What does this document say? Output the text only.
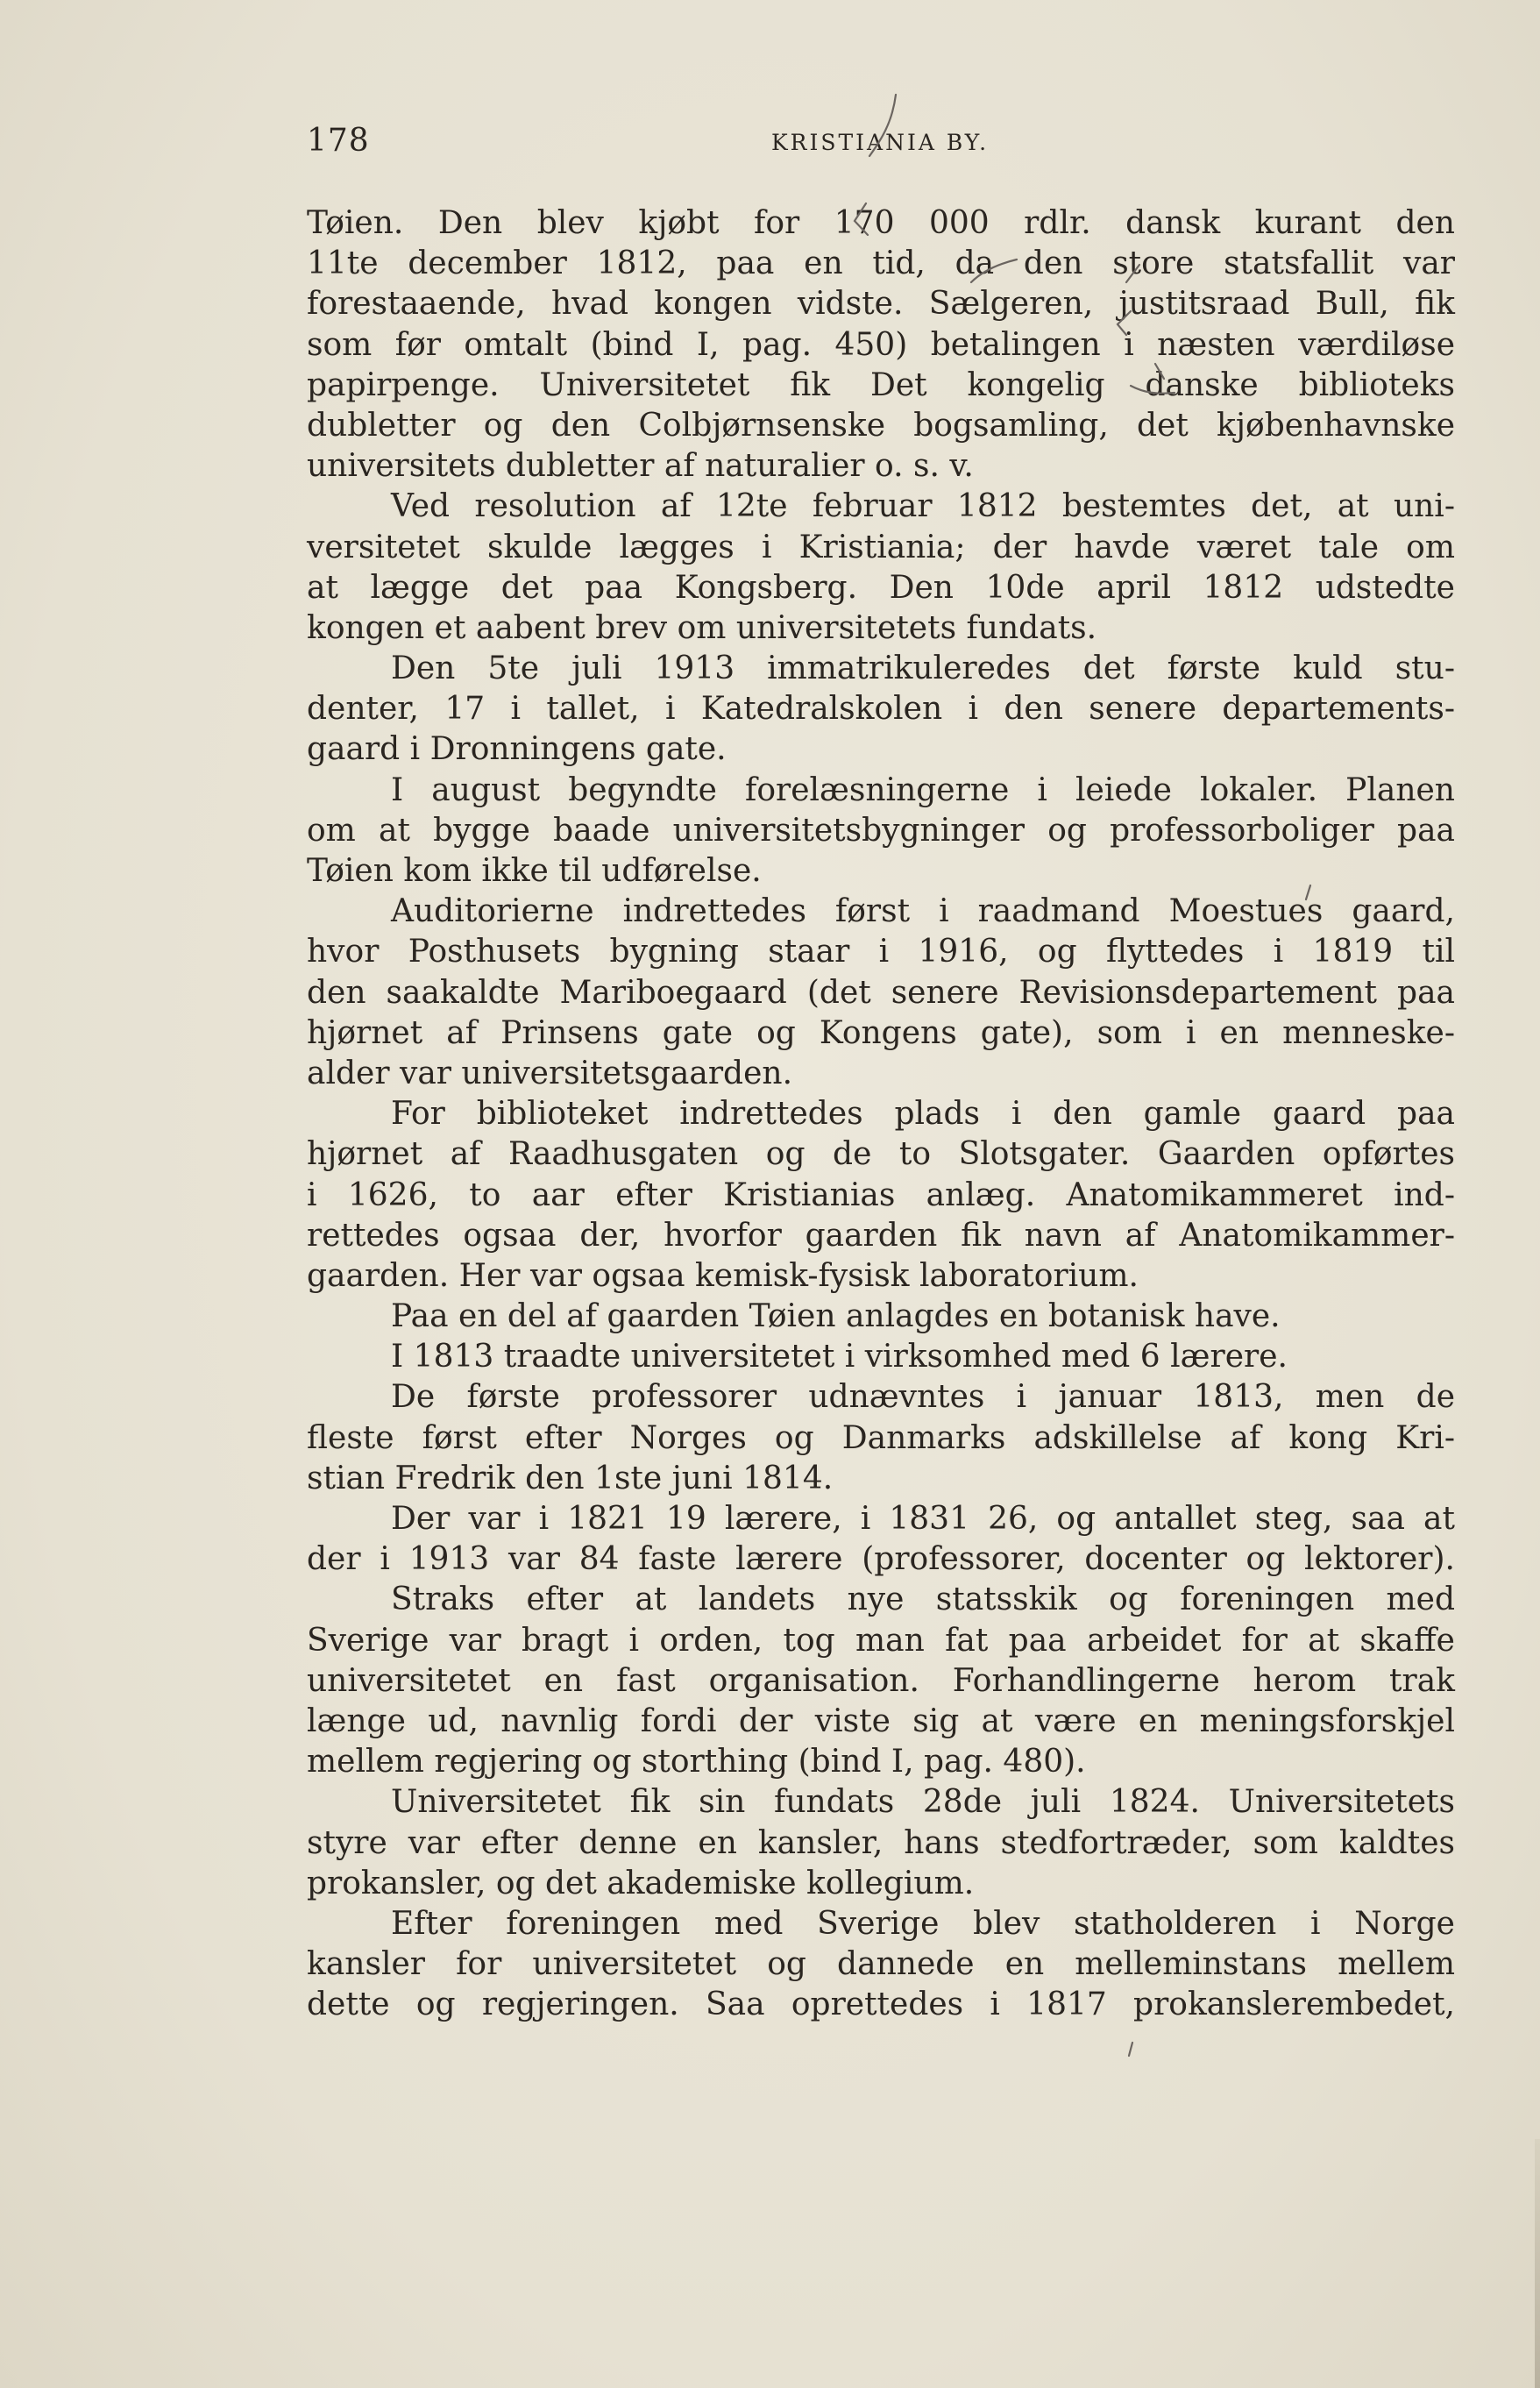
178	KRISTIANIA BY.
Tøien. Den blev kjøbt for 170 000 rdlr. dansk kurant den
11te december 1812, paa en tid, da den store statsfallit var
forestaaende, hvad kongen vidste. Sælgeren, justitsraad Bull, fik
som før omtalt (bind I, pag. 450) betalingen i næsten værdiløse
papirpenge. Universitetet fik Det kongelig danske biblioteks
dubletter og den Colbjørnsenske bogsamling, det kjøbenhavnske
universitets dubletter af naturalier o. s. v.
Ved resolution af 12te februar 1812 bestemtes det, at uni-
versitetet skulde lægges i Kristiania; der havde været tale om
at lægge det paa Kongsberg. Den 10de april 1812 udstedte
kongen et aabent brev om universitetets fundats.
Den 5te juli 1913 immatrikuleredes det første kuld stu-
denter, 17 i tallet, i Katedralskolen i den senere departements-
gaard i Dronningens gate.
I august begyndte forelæsningerne i leiede lokaler. Planen
om at bygge baade universitetsbygninger og professorboliger paa
Tøien kom ikke til udførelse.
Auditorierne indrettedes først i raadmand Moestues gaard,
hvor Posthusets bygning staar i 1916, og flyttedes i 1819 til
den saakaldte Mariboegaard (det senere Revisionsdepartement paa
hjørnet af Prinsens gate og Kongens gate), som i en menneske-
alder var universitetsgaarden.
For biblioteket indrettedes plads i den gamle gaard paa
hjørnet af Raadhusgaten og de to Slotsgater. Gaarden opførtes
i 1626, to aar efter Kristianias anlæg. Anatomikammeret ind-
rettedes ogsaa der, hvorfor gaarden fik navn af Anatomikammer-
gaarden. Her var ogsaa kemisk-fysisk laboratorium.
Paa en del af gaarden Tøien anlagdes en botanisk have.
I 1813 traadte universitetet i virksomhed med 6 lærere.
De første professorer udnævntes i januar 1813, men de
fleste først efter Norges og Danmarks adskillelse af kong Kri-
stian Fredrik den 1ste juni 1814.
Der var i 1821 19 lærere, i 1831 26, og antallet steg, saa at
der i 1913 var 84 faste lærere (professorer, docenter og lektorer).
Straks efter at landets nye statsskik og foreningen med
Sverige var bragt i orden, tog man fat paa arbeidet for at skaffe
universitetet en fast organisation. Forhandlingerne herom trak
længe ud, navnlig fordi der viste sig at være en meningsforskjel
mellem regjering og storthing (bind I, pag. 480).
Universitetet fik sin fundats 28de juli 1824. Universitetets
styre var efter denne en kansler, hans stedfortræder, som kaldtes
prokansler, og det akademiske kollegium.
Efter foreningen med Sverige blev statholderen i Norge
kansler for universitetet og dannede en melleminstans mellem
dette og regjeringen. Saa oprettedes i 1817 prokanslerembedet,
